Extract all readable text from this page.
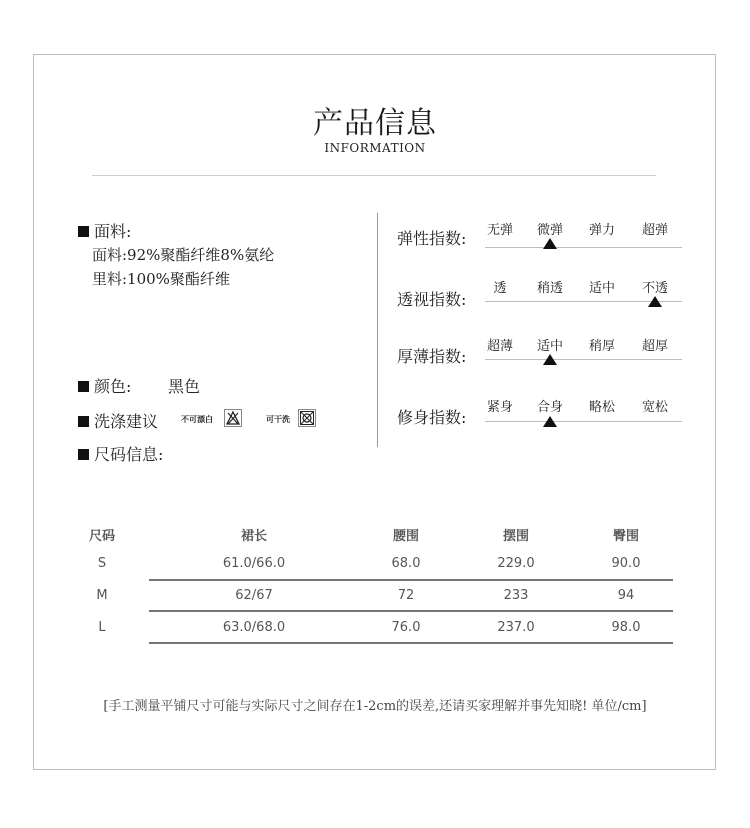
产品信息
INFORMATION
面料:
面料:92%聚酯纤维8%氨纶
里料:100%聚酯纤维
颜色: 黑色
洗涤建议	不可漂白	可干洗
尺码信息:
弹性指数:	无弹	微弹	弹力	超弹
透视指数:
透	稍透	适中	不透
厚薄指数:
超薄	适中	稍厚	超厚
修身指数:
紧身	合身	略松	宽松
尺码	裙长	腰围	摆围	臀围
S	61.0/66.0	68.0	229.0	90.0
M	62/67	72	233	94
L	63.0/68.0	76.0	237.0	98.0
[手工测量平铺尺寸可能与实际尺寸之间存在1-2cm的误差,还请买家理解并事先知晓! 单位/cm]
